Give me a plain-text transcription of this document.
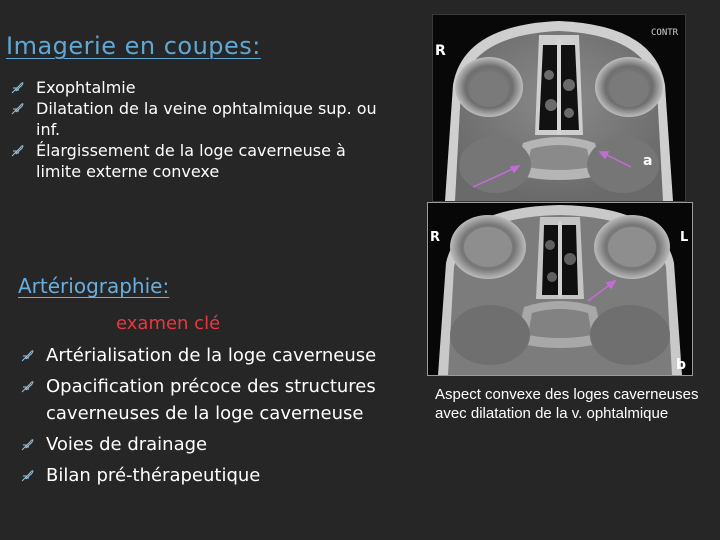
Imagerie en coupes:
Exophtalmie
Dilatation de la veine ophtalmique sup. ou inf.
Élargissement de la loge caverneuse à limite externe convexe
Artériographie:
examen clé
Artérialisation de la loge caverneuse
Opacification précoce des structures caverneuses de la loge caverneuse
Voies de drainage
Bilan pré-thérapeutique
R
CONTR
a
R	L
b
Aspect convexe des loges caverneuses avec dilatation de la v. ophtalmique
